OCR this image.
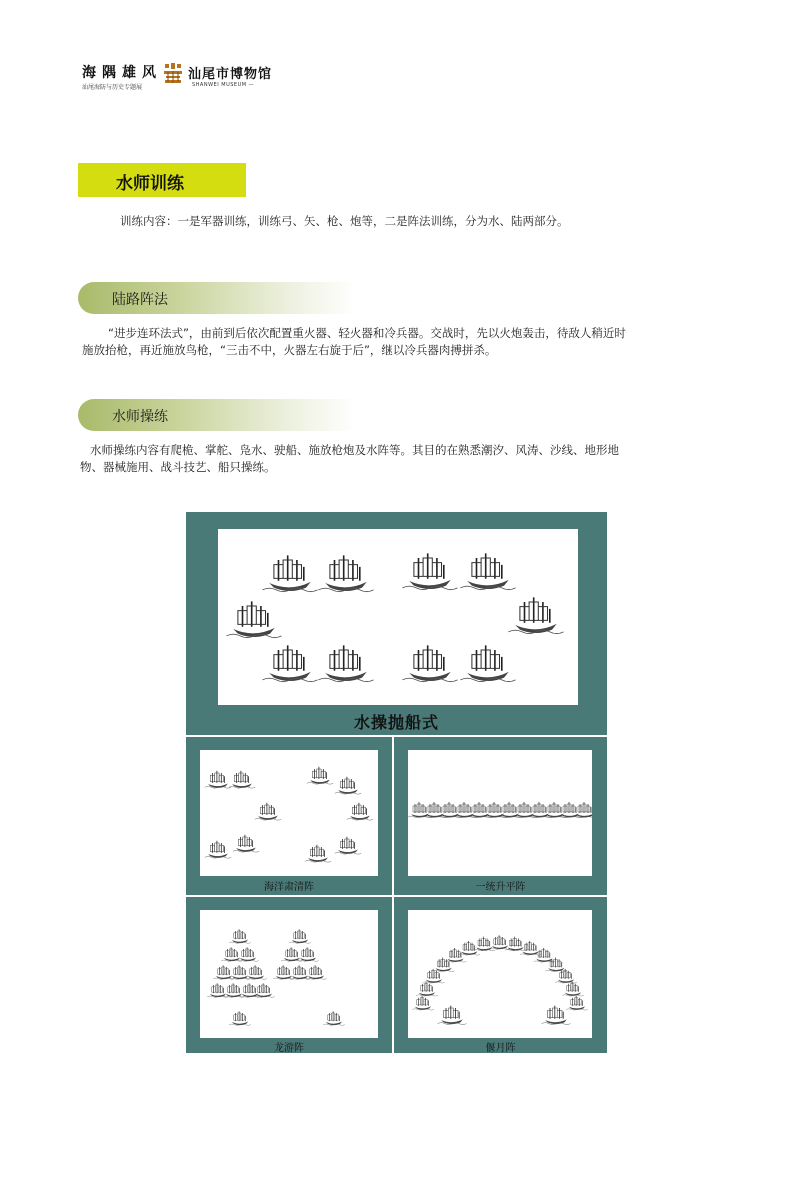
海隅雄风
汕尾海防与历史专题展
汕尾市博物馆
SHANWEI MUSEUM —
水师训练
训练内容：一是军器训练，训练弓、矢、枪、炮等，二是阵法训练，分为水、陆两部分。
陆路阵法
“进步连环法式”，由前到后依次配置重火器、轻火器和冷兵器。交战时，先以火炮轰击，待敌人稍近时
施放抬枪，再近施放鸟枪，“三击不中，火器左右旋于后”，继以冷兵器肉搏拼杀。
水师操练
水师操练内容有爬桅、掌舵、凫水、驶船、施放枪炮及水阵等。其目的在熟悉潮汐、风涛、沙线、地形地
物、器械施用、战斗技艺、船只操练。
水操抛船式
海洋肃清阵	一统升平阵
龙游阵	偃月阵
